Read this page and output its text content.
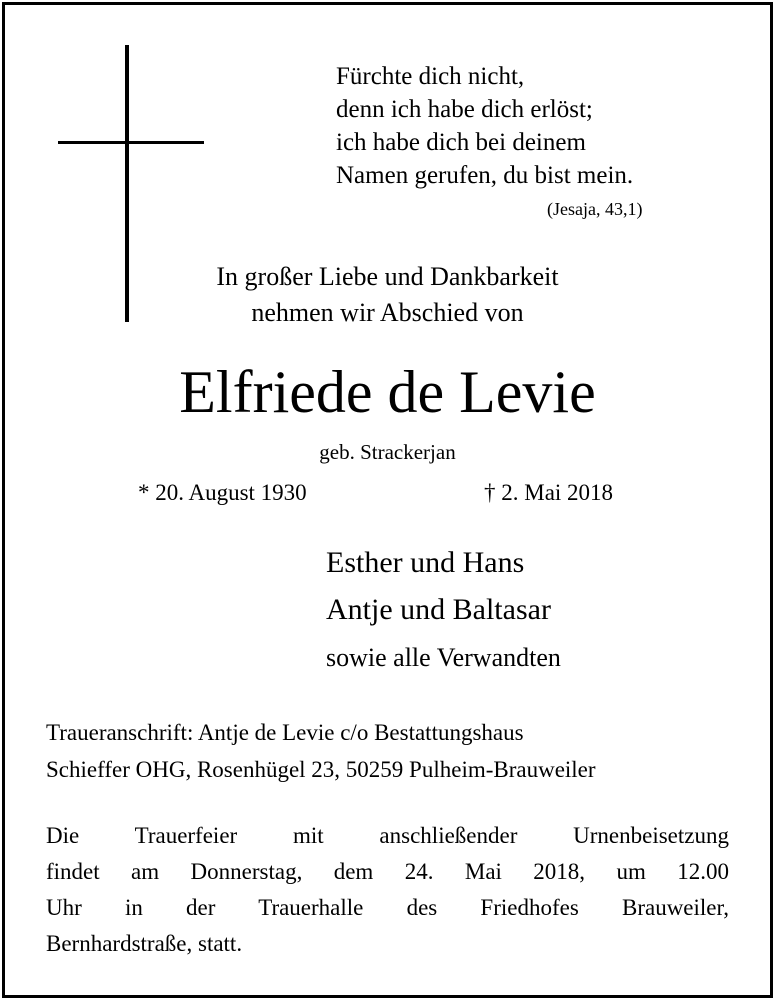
Fürchte dich nicht,
denn ich habe dich erlöst;
ich habe dich bei deinem
Namen gerufen, du bist mein.
(Jesaja, 43,1)
In großer Liebe und Dankbarkeit
nehmen wir Abschied von
Elfriede de Levie
geb. Strackerjan
* 20. August 1930	† 2. Mai 2018
Esther und Hans
Antje und Baltasar
sowie alle Verwandten
Traueranschrift: Antje de Levie c/o Bestattungshaus
Schieffer OHG, Rosenhügel 23, 50259 Pulheim-Brauweiler
Die Trauerfeier mit anschließender Urnenbeisetzung
findet am Donnerstag, dem 24. Mai 2018, um 12.00
Uhr in der Trauerhalle des Friedhofes Brauweiler,
Bernhardstraße, statt.
